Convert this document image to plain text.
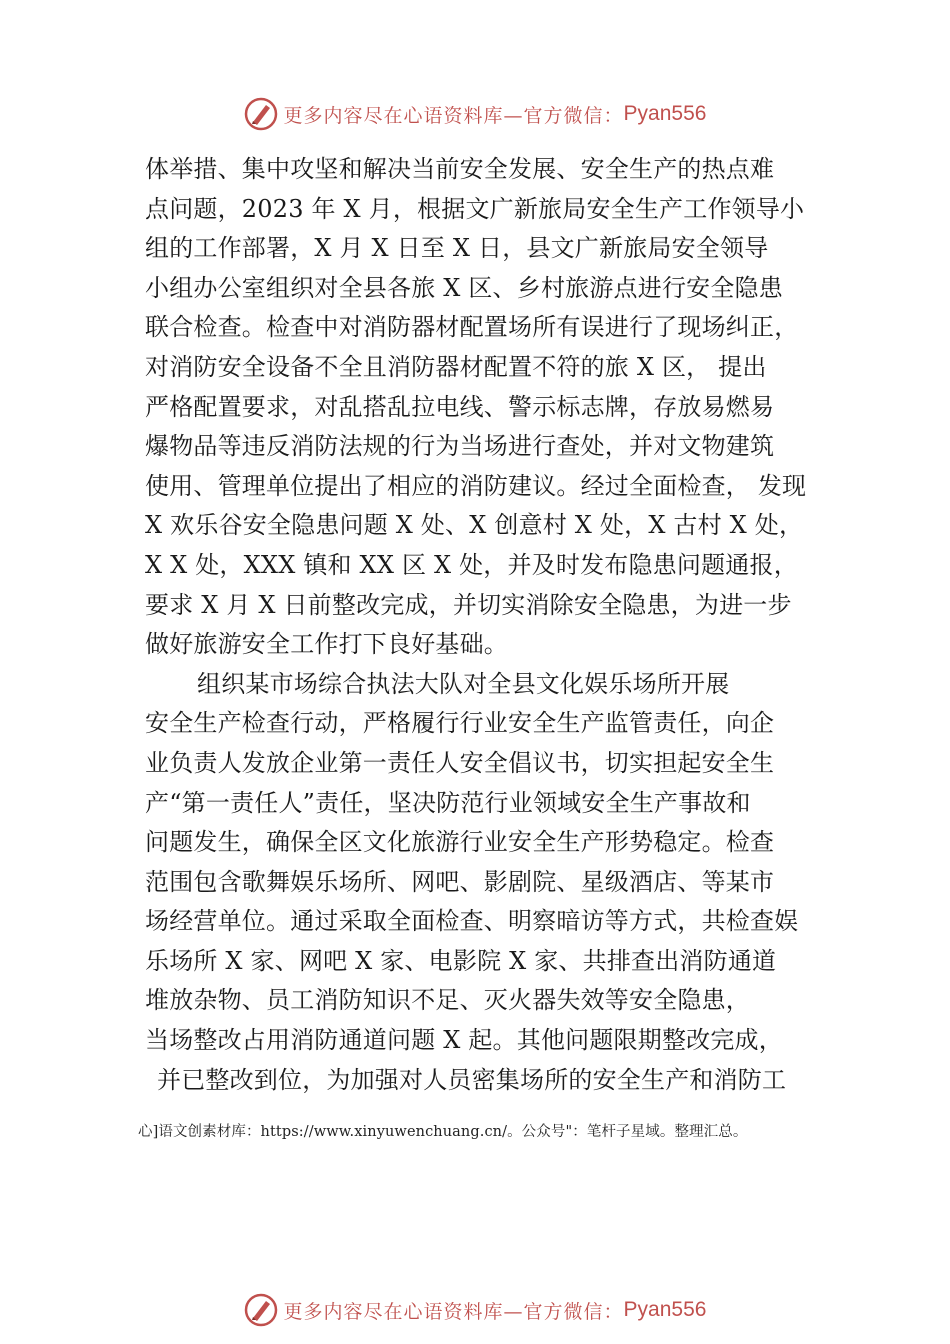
更多内容尽在心语资料库—官方微信： Pyan556
体举措、集中攻坚和解决当前安全发展、安全生产的热点难
点问题，2023 年 X 月，根据文广新旅局安全生产工作领导小
组的工作部署，X 月 X 日至 X 日，县文广新旅局安全领导
小组办公室组织对全县各旅 X 区、乡村旅游点进行安全隐患
联合检查。检查中对消防器材配置场所有误进行了现场纠正，
对消防安全设备不全且消防器材配置不符的旅 X 区， 提出
严格配置要求，对乱搭乱拉电线、警示标志牌，存放易燃易
爆物品等违反消防法规的行为当场进行查处，并对文物建筑
使用、管理单位提出了相应的消防建议。经过全面检查， 发现
X 欢乐谷安全隐患问题 X 处、X 创意村 X 处，X 古村 X 处，
X X 处，XXX 镇和 XX 区 X 处，并及时发布隐患问题通报，
要求 X 月 X 日前整改完成，并切实消除安全隐患，为进一步
做好旅游安全工作打下良好基础。
组织某市场综合执法大队对全县文化娱乐场所开展
安全生产检查行动，严格履行行业安全生产监管责任，向企
业负责人发放企业第一责任人安全倡议书，切实担起安全生
产“第一责任人”责任，坚决防范行业领域安全生产事故和
问题发生，确保全区文化旅游行业安全生产形势稳定。检查
范围包含歌舞娱乐场所、网吧、影剧院、星级酒店、等某市
场经营单位。通过采取全面检查、明察暗访等方式，共检查娱
乐场所 X 家、网吧 X 家、电影院 X 家、共排查出消防通道
堆放杂物、员工消防知识不足、灭火器失效等安全隐患，
当场整改占用消防通道问题 X 起。其他问题限期整改完成，
并已整改到位，为加强对人员密集场所的安全生产和消防工
心]语文创素材库：https://www.xinyuwenchuang.cn/。公众号"：笔杆子星域。整理汇总。
更多内容尽在心语资料库—官方微信： Pyan556
